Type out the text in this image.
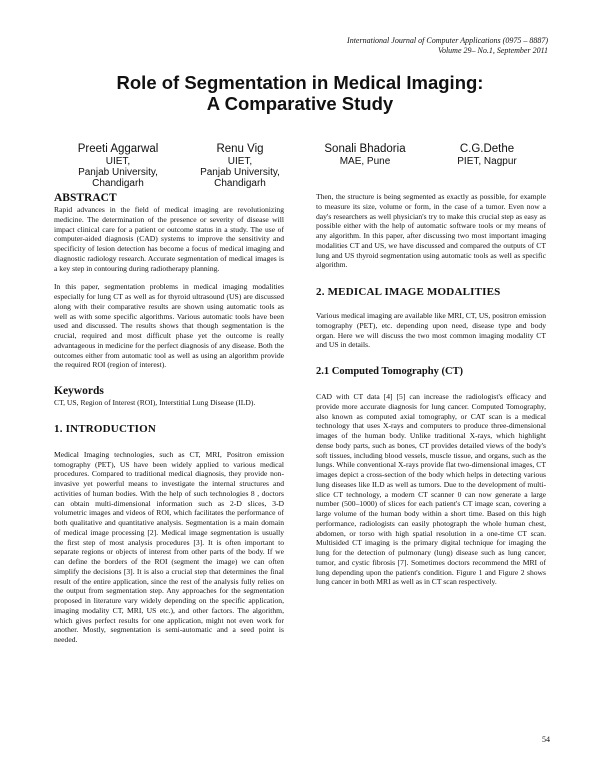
International Journal of Computer Applications (0975 – 8887)
Volume 29– No.1, September 2011
Role of Segmentation in Medical Imaging:
A Comparative Study
Preeti Aggarwal
UIET,
Panjab University,
Chandigarh
Renu Vig
UIET,
Panjab University,
Chandigarh
Sonali Bhadoria
MAE, Pune
C.G.Dethe
PIET, Nagpur
ABSTRACT

Rapid advances in the field of medical imaging are revolutionizing medicine. The determination of the presence or severity of disease will impact clinical care for a patient or outcome status in a study. The use of computer-aided diagnosis (CAD) systems to improve the sensitivity and specificity of lesion detection has become a focus of medical imaging and diagnostic radiology research. Accurate segmentation of medical images is a key step in contouring during radiotherapy planning.

In this paper, segmentation problems in medical imaging modalities especially for lung CT as well as for thyroid ultrasound (US) are discussed along with their comparative results are shown using automatic tools as well as with some specific algorithms. Various automatic tools have been used and discussed. The results shows that though segmentation is the crucial, required and most difficult phase yet the outcome is really advantageous in medicine for the perfect diagnosis of any disease. Both the outcomes either from automatic tool as well as using an algorithm provide the required ROI (region of interest).

Keywords

CT, US, Region of Interest (ROI), Interstitial Lung Disease (ILD).

1. INTRODUCTION

Medical Imaging technologies, such as CT, MRI, Positron emission tomography (PET), US have been widely applied to various medical procedures. Compared to traditional medical diagnosis, they provide non-invasive yet powerful means to investigate the internal structures and activities of human bodies. With the help of such technologies 8 , doctors can obtain multi-dimensional information such as 2-D slices, 3-D volumetric images and videos of ROI, which facilitates the performance of both qualitative and quantitative analysis. Segmentation is a main domain of medical image processing [2]. Medical image segmentation is usually the first step of most analysis procedures [3]. It is often important to separate regions or objects of interest from other parts of the body. If we can define the borders of the ROI (segment the image) we can often simplify the decisions [3]. It is also a crucial step that determines the final result of the entire application, since the rest of the analysis fully relies on the output from segmentation step. Any approaches for the segmentation proposed in literature vary widely depending on the specific application, imaging modality CT, MRI, US etc.), and other factors. The algorithm, which gives perfect results for one application, might not even work for another. Mostly, segmentation is semi-automatic and a seed point is needed.

Then, the structure is being segmented as exactly as possible, for example to measure its size, volume or form, in the case of a tumor. Even now a day's researchers as well physician's try to make this crucial step as easy as possible either with the help of automatic software tools or my means of any algorithm. In this paper, after discussing two most important imaging modalities CT and US, we have discussed and compared the outputs of CT lung and US thyroid segmentation using automatic tools as well as specific algorithm.

2. MEDICAL IMAGE MODALITIES

Various medical imaging are available like MRI, CT, US, positron emission tomography (PET), etc. depending upon need, disease type and body organ. Here we will discuss the two most common imaging modality CT and US in details.

2.1 Computed Tomography (CT)

CAD with CT data [4] [5] can increase the radiologist's efficacy and provide more accurate diagnosis for lung cancer. Computed Tomography, also known as computed axial tomography, or CAT scan is a medical technology that uses X-rays and computers to produce three-dimensional images of the human body. Unlike traditional X-rays, which highlight dense body parts, such as bones, CT provides detailed views of the body's soft tissues, including blood vessels, muscle tissue, and organs, such as the lungs. While conventional X-rays provide flat two-dimensional images, CT images depict a cross-section of the body which helps in detecting various lung diseases like ILD as well as tumors. Due to the development of multi-slice CT technology, a modern CT scanner 0 can now generate a large number (500–1000) of slices for each patient's CT image scan, covering a large volume of the human body within a short time. Based on this high performance, radiologists can easily photograph the whole human chest, abdomen, or torso with high spatial resolution in a one-time CT scan. Multisided CT imaging is the primary digital technique for imaging the lung for the detection of pulmonary (lung) disease such as lung cancer, tumor, and cystic fibrosis [7]. Sometimes doctors recommend the MRI of lung depending upon the patient's condition. Figure 1 and Figure 2 shows lung cancer in both MRI as well as in CT scan respectively.

54
